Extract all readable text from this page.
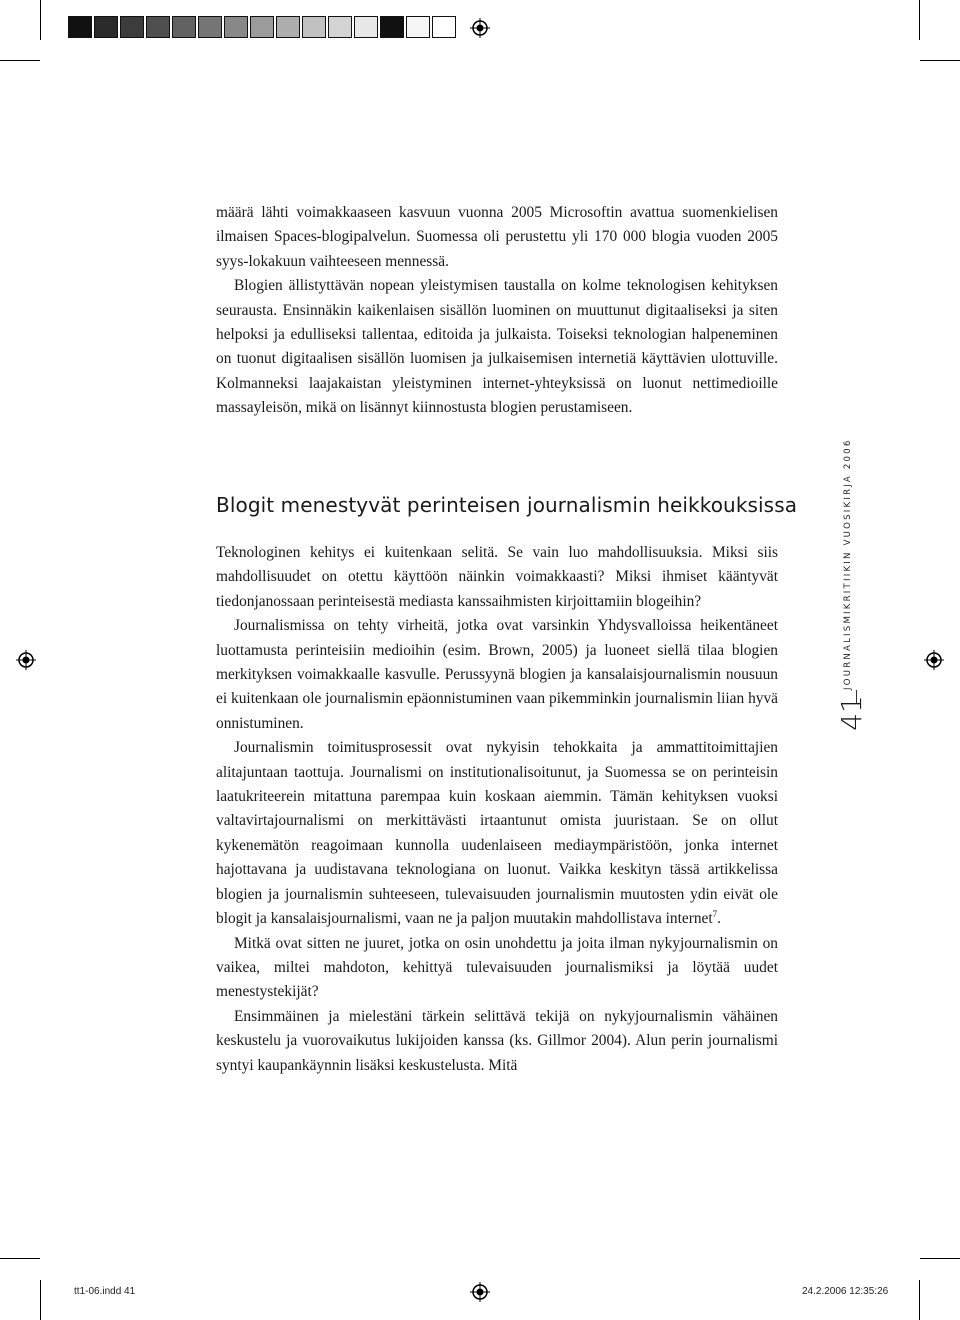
määrä lähti voimakkaaseen kasvuun vuonna 2005 Microsoftin avattua suomenkielisen ilmaisen Spaces-blogipalvelun. Suomessa oli perustettu yli 170 000 blogia vuoden 2005 syys-lokakuun vaihteeseen mennessä.

Blogien ällistyttävän nopean yleistymisen taustalla on kolme teknologisen kehityksen seurausta. Ensinnäkin kaikenlaisen sisällön luominen on muuttunut digitaaliseksi ja siten helpoksi ja edulliseksi tallentaa, editoida ja julkaista. Toiseksi teknologian halpeneminen on tuonut digitaalisen sisällön luomisen ja julkaisemisen internetiä käyttävien ulottuville. Kolmanneksi laajakaistan yleistyminen internet-yhteyksissä on luonut nettimedioille massayleisön, mikä on lisännyt kiinnostusta blogien perustamiseen.

Blogit menestyvät perinteisen journalismin heikkouksissa

Teknologinen kehitys ei kuitenkaan selitä. Se vain luo mahdollisuuksia. Miksi siis mahdollisuudet on otettu käyttöön näinkin voimakkaasti? Miksi ihmiset kääntyvät tiedonjanossaan perinteisestä mediasta kanssaihmisten kirjoittamiin blogeihin?

Journalismissa on tehty virheitä, jotka ovat varsinkin Yhdysvalloissa heikentäneet luottamusta perinteisiin medioihin (esim. Brown, 2005) ja luoneet siellä tilaa blogien merkityksen voimakkaalle kasvulle. Perussyynä blogien ja kansalaisjournalismin nousuun ei kuitenkaan ole journalismin epäonnistuminen vaan pikemminkin journalismin liian hyvä onnistuminen.

Journalismin toimitusprosessit ovat nykyisin tehokkaita ja ammattitoimittajien alitajuntaan taottuja. Journalismi on institutionalisoitunut, ja Suomessa se on perinteisin laatukriteerein mitattuna parempaa kuin koskaan aiemmin. Tämän kehityksen vuoksi valtavirtajournalismi on merkittävästi irtaantunut omista juuristaan. Se on ollut kykenemätön reagoimaan kunnolla uudenlaiseen mediaympäristöön, jonka internet hajottavana ja uudistavana teknologiana on luonut. Vaikka keskityn tässä artikkelissa blogien ja journalismin suhteeseen, tulevaisuuden journalismin muutosten ydin eivät ole blogit ja kansalaisjournalismi, vaan ne ja paljon muutakin mahdollistava internet$^7$.

Mitkä ovat sitten ne juuret, jotka on osin unohdettu ja joita ilman nykyjournalismin on vaikea, miltei mahdoton, kehittyä tulevaisuuden journalismiksi ja löytää uudet menestystekijät?

Ensimmäinen ja mielestäni tärkein selittävä tekijä on nykyjournalismin vähäinen keskustelu ja vuorovaikutus lukijoiden kanssa (ks. Gillmor 2004). Alun perin journalismi syntyi kaupankäynnin lisäksi keskustelusta. Mitä

JOURNALISMIKRITIIKIN VUOSIKIRJA 2006
41
tt1-06.indd 41	24.2.2006 12:35:26
